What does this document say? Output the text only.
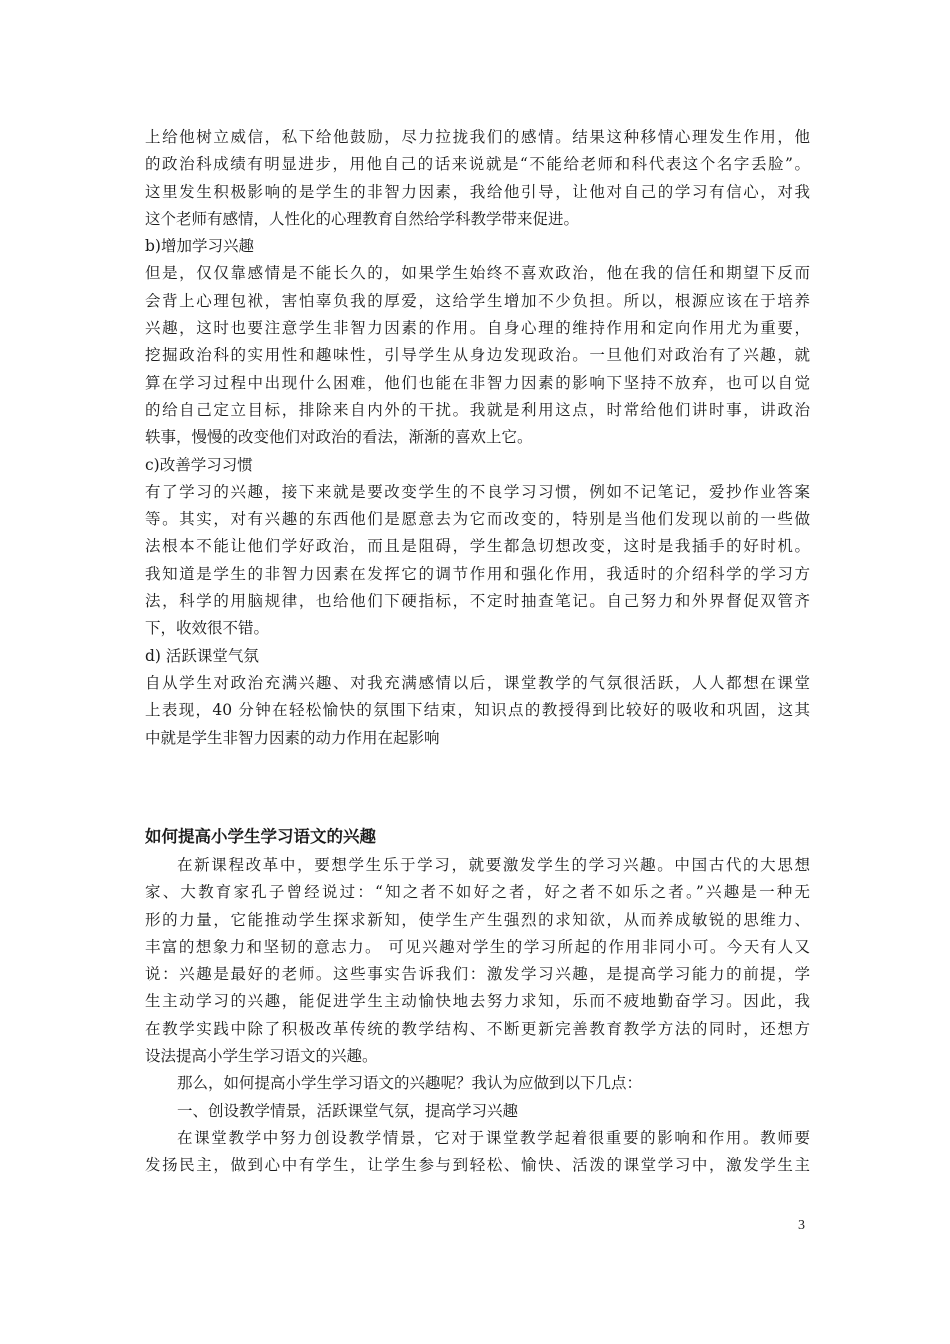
上给他树立威信，私下给他鼓励，尽力拉拢我们的感情。结果这种移情心理发生作用，他
的政治科成绩有明显进步，用他自己的话来说就是“不能给老师和科代表这个名字丢脸”。
这里发生积极影响的是学生的非智力因素，我给他引导，让他对自己的学习有信心，对我
这个老师有感情，人性化的心理教育自然给学科教学带来促进。
b)增加学习兴趣
但是，仅仅靠感情是不能长久的，如果学生始终不喜欢政治，他在我的信任和期望下反而
会背上心理包袱，害怕辜负我的厚爱，这给学生增加不少负担。所以，根源应该在于培养
兴趣，这时也要注意学生非智力因素的作用。自身心理的维持作用和定向作用尤为重要，
挖掘政治科的实用性和趣味性，引导学生从身边发现政治。一旦他们对政治有了兴趣，就
算在学习过程中出现什么困难，他们也能在非智力因素的影响下坚持不放弃，也可以自觉
的给自己定立目标，排除来自内外的干扰。我就是利用这点，时常给他们讲时事，讲政治
轶事，慢慢的改变他们对政治的看法，渐渐的喜欢上它。
c)改善学习习惯
有了学习的兴趣，接下来就是要改变学生的不良学习习惯，例如不记笔记，爱抄作业答案
等。其实，对有兴趣的东西他们是愿意去为它而改变的，特别是当他们发现以前的一些做
法根本不能让他们学好政治，而且是阻碍，学生都急切想改变，这时是我插手的好时机。
我知道是学生的非智力因素在发挥它的调节作用和强化作用，我适时的介绍科学的学习方
法，科学的用脑规律，也给他们下硬指标，不定时抽查笔记。自己努力和外界督促双管齐
下，收效很不错。
d) 活跃课堂气氛
自从学生对政治充满兴趣、对我充满感情以后，课堂教学的气氛很活跃，人人都想在课堂
上表现，40 分钟在轻松愉快的氛围下结束，知识点的教授得到比较好的吸收和巩固，这其
中就是学生非智力因素的动力作用在起影响
如何提高小学生学习语文的兴趣
在新课程改革中，要想学生乐于学习，就要激发学生的学习兴趣。中国古代的大思想
家、大教育家孔子曾经说过：“知之者不如好之者，好之者不如乐之者。”兴趣是一种无
形的力量，它能推动学生探求新知，使学生产生强烈的求知欲，从而养成敏锐的思维力、
丰富的想象力和坚韧的意志力。 可见兴趣对学生的学习所起的作用非同小可。今天有人又
说：兴趣是最好的老师。这些事实告诉我们：激发学习兴趣，是提高学习能力的前提，学
生主动学习的兴趣，能促进学生主动愉快地去努力求知，乐而不疲地勤奋学习。因此，我
在教学实践中除了积极改革传统的教学结构、不断更新完善教育教学方法的同时，还想方
设法提高小学生学习语文的兴趣。
那么，如何提高小学生学习语文的兴趣呢？我认为应做到以下几点：
一、创设教学情景，活跃课堂气氛，提高学习兴趣
在课堂教学中努力创设教学情景，它对于课堂教学起着很重要的影响和作用。教师要
发扬民主，做到心中有学生，让学生参与到轻松、愉快、活泼的课堂学习中，激发学生主
3
